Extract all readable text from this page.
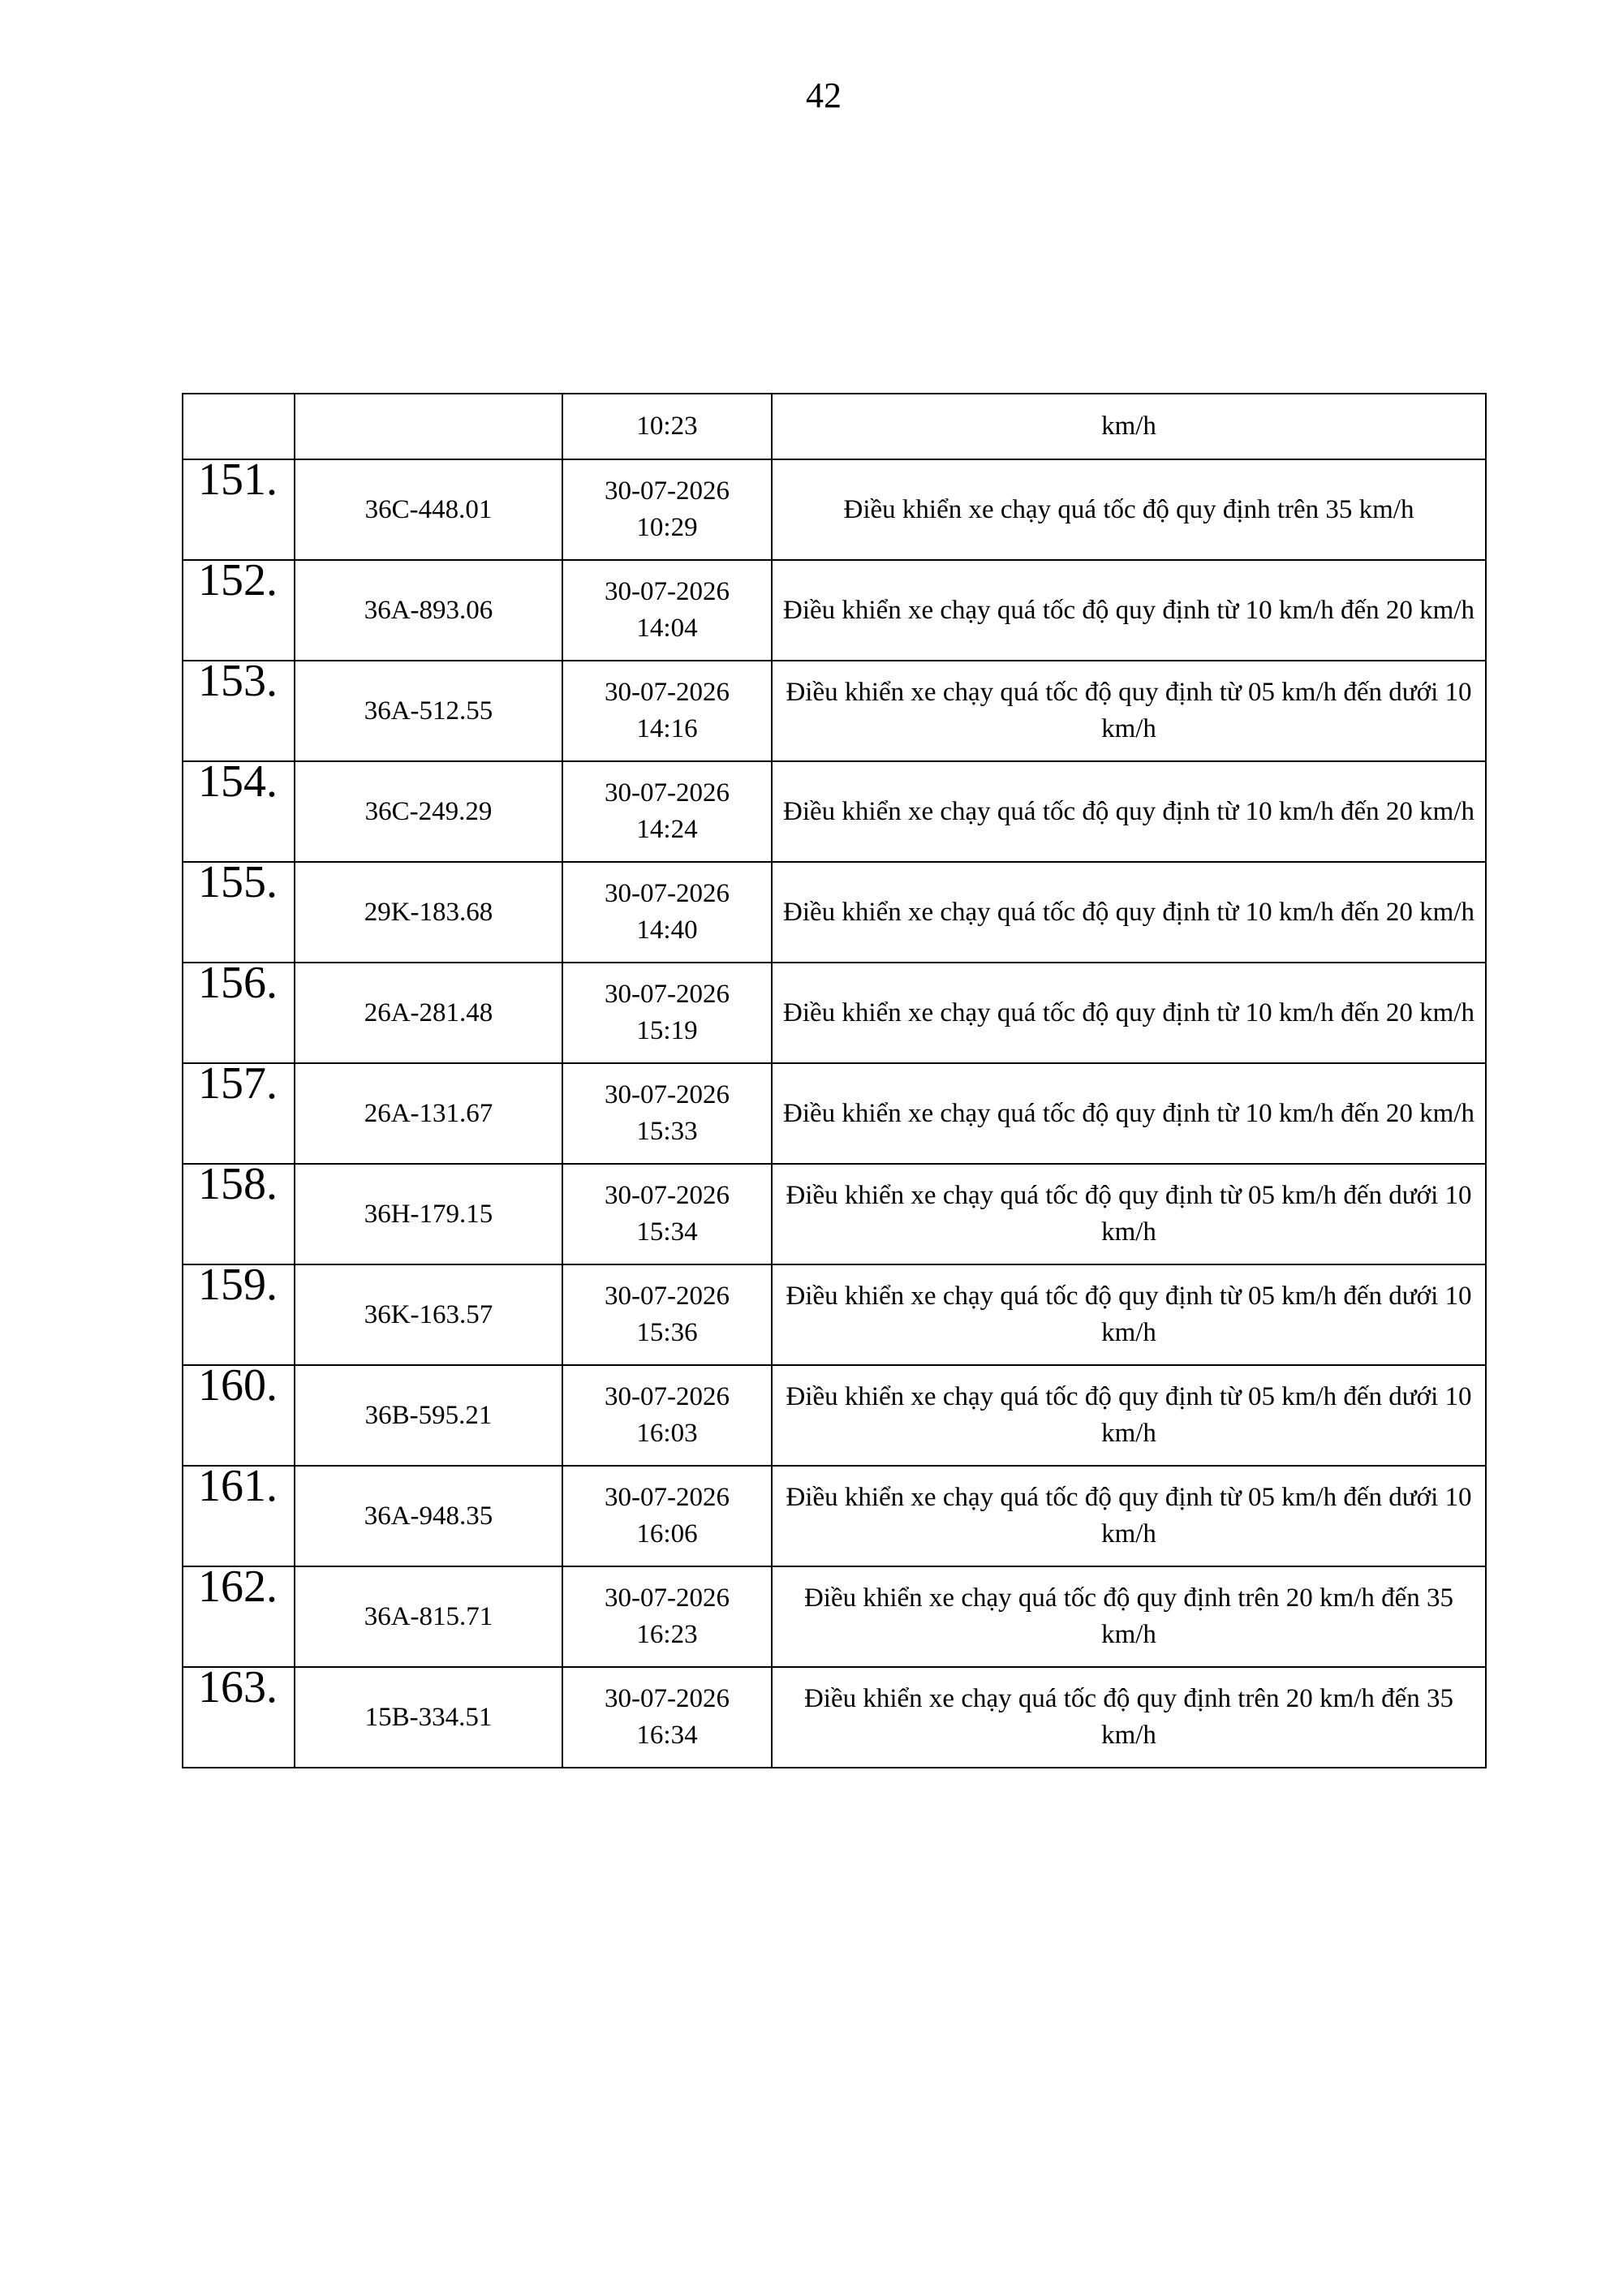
42
		10:23	km/h
151.	36C-448.01	30-07-2026
10:29	Điều khiển xe chạy quá tốc độ quy định trên 35 km/h
152.	36A-893.06	30-07-2026
14:04	Điều khiển xe chạy quá tốc độ quy định từ 10 km/h đến 20 km/h
153.	36A-512.55	30-07-2026
14:16	Điều khiển xe chạy quá tốc độ quy định từ 05 km/h đến dưới 10 km/h
154.	36C-249.29	30-07-2026
14:24	Điều khiển xe chạy quá tốc độ quy định từ 10 km/h đến 20 km/h
155.	29K-183.68	30-07-2026
14:40	Điều khiển xe chạy quá tốc độ quy định từ 10 km/h đến 20 km/h
156.	26A-281.48	30-07-2026
15:19	Điều khiển xe chạy quá tốc độ quy định từ 10 km/h đến 20 km/h
157.	26A-131.67	30-07-2026
15:33	Điều khiển xe chạy quá tốc độ quy định từ 10 km/h đến 20 km/h
158.	36H-179.15	30-07-2026
15:34	Điều khiển xe chạy quá tốc độ quy định từ 05 km/h đến dưới 10 km/h
159.	36K-163.57	30-07-2026
15:36	Điều khiển xe chạy quá tốc độ quy định từ 05 km/h đến dưới 10 km/h
160.	36B-595.21	30-07-2026
16:03	Điều khiển xe chạy quá tốc độ quy định từ 05 km/h đến dưới 10 km/h
161.	36A-948.35	30-07-2026
16:06	Điều khiển xe chạy quá tốc độ quy định từ 05 km/h đến dưới 10 km/h
162.	36A-815.71	30-07-2026
16:23	Điều khiển xe chạy quá tốc độ quy định trên 20 km/h đến 35 km/h
163.	15B-334.51	30-07-2026
16:34	Điều khiển xe chạy quá tốc độ quy định trên 20 km/h đến 35 km/h
